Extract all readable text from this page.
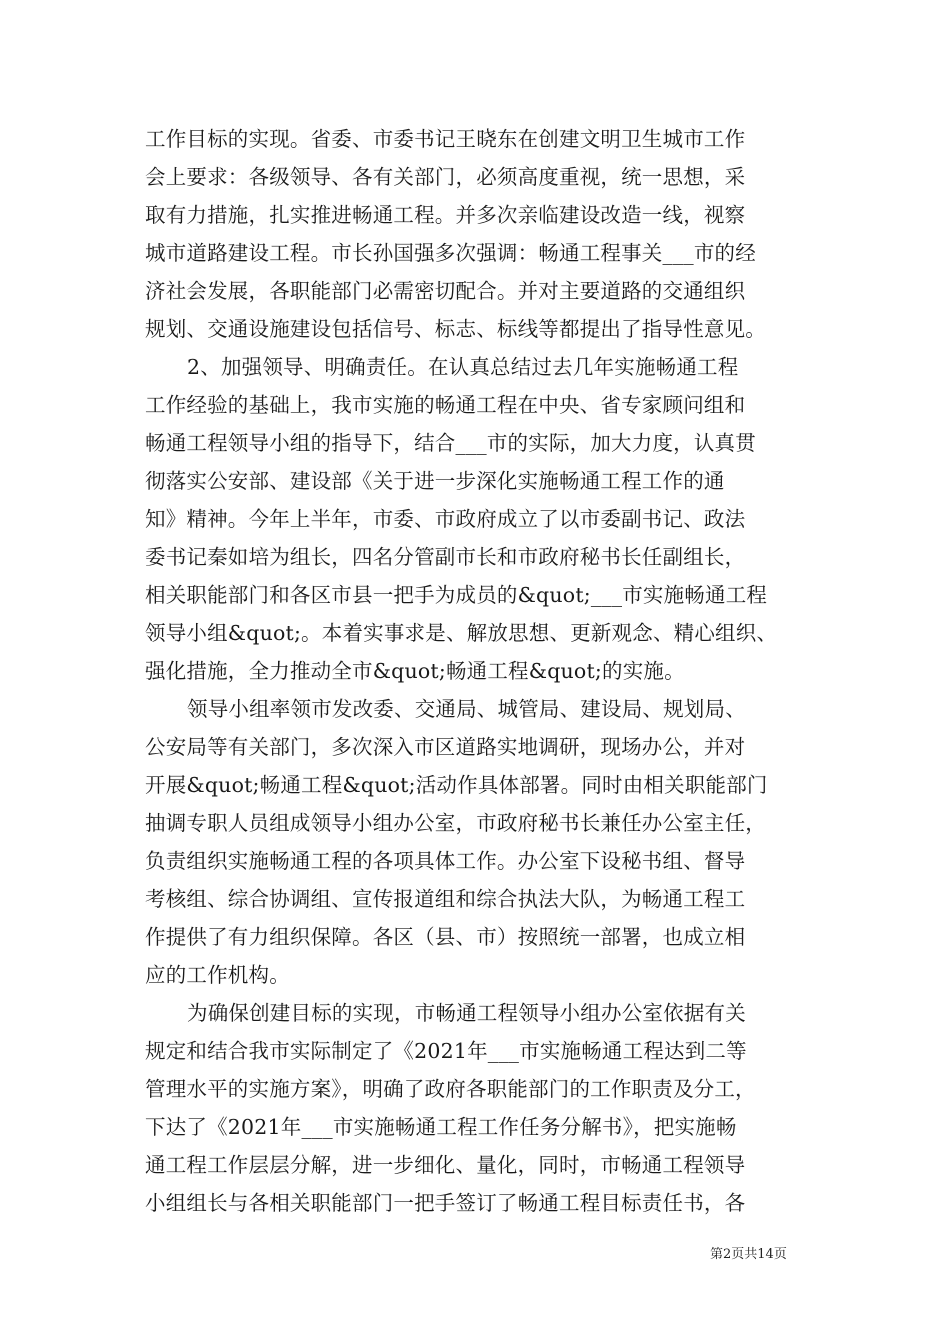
工作目标的实现。省委、市委书记王晓东在创建文明卫生城市工作
会上要求：各级领导、各有关部门，必须高度重视，统一思想，采
取有力措施，扎实推进畅通工程。并多次亲临建设改造一线，视察
城市道路建设工程。市长孙国强多次强调：畅通工程事关___市的经
济社会发展，各职能部门必需密切配合。并对主要道路的交通组织
规划、交通设施建设包括信号、标志、标线等都提出了指导性意见。
2、加强领导、明确责任。在认真总结过去几年实施畅通工程
工作经验的基础上，我市实施的畅通工程在中央、省专家顾问组和
畅通工程领导小组的指导下，结合___市的实际，加大力度，认真贯
彻落实公安部、建设部《关于进一步深化实施畅通工程工作的通
知》精神。今年上半年，市委、市政府成立了以市委副书记、政法
委书记秦如培为组长，四名分管副市长和市政府秘书长任副组长，
相关职能部门和各区市县一把手为成员的&quot;___市实施畅通工程
领导小组&quot;。本着实事求是、解放思想、更新观念、精心组织、
强化措施，全力推动全市&quot;畅通工程&quot;的实施。
领导小组率领市发改委、交通局、城管局、建设局、规划局、
公安局等有关部门，多次深入市区道路实地调研，现场办公，并对
开展&quot;畅通工程&quot;活动作具体部署。同时由相关职能部门
抽调专职人员组成领导小组办公室，市政府秘书长兼任办公室主任，
负责组织实施畅通工程的各项具体工作。办公室下设秘书组、督导
考核组、综合协调组、宣传报道组和综合执法大队，为畅通工程工
作提供了有力组织保障。各区（县、市）按照统一部署，也成立相
应的工作机构。
为确保创建目标的实现，市畅通工程领导小组办公室依据有关
规定和结合我市实际制定了《2021年___市实施畅通工程达到二等
管理水平的实施方案》，明确了政府各职能部门的工作职责及分工，
下达了《2021年___市实施畅通工程工作任务分解书》，把实施畅
通工程工作层层分解，进一步细化、量化，同时，市畅通工程领导
小组组长与各相关职能部门一把手签订了畅通工程目标责任书，各
第2页共14页
